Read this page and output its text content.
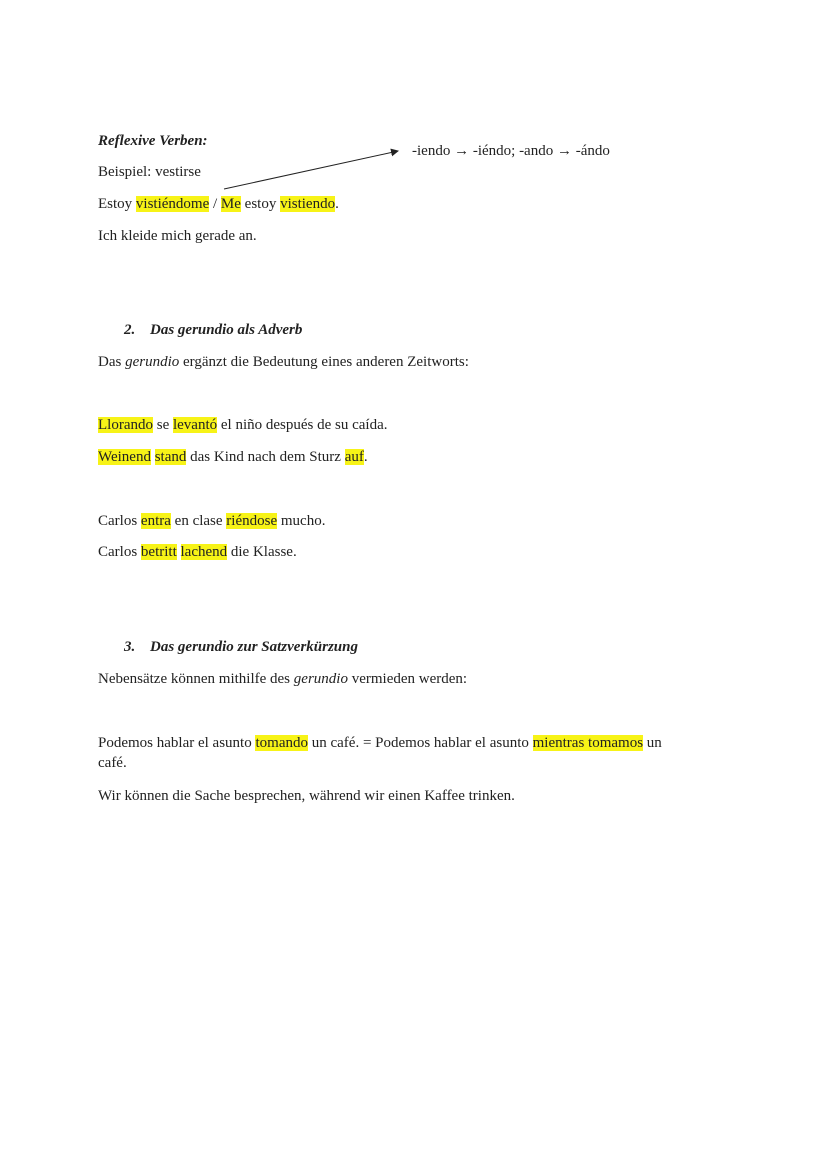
Reflexive Verben:
-iendo → -iéndo; -ando → -ándo
Beispiel: vestirse
Estoy vistiéndome / Me estoy vistiendo.
Ich kleide mich gerade an.
2. Das gerundio als Adverb
Das gerundio ergänzt die Bedeutung eines anderen Zeitworts:
Llorando se levantó el niño después de su caída.
Weinend stand das Kind nach dem Sturz auf.
Carlos entra en clase riéndose mucho.
Carlos betritt lachend die Klasse.
3. Das gerundio zur Satzverkürzung
Nebensätze können mithilfe des gerundio vermieden werden:
Podemos hablar el asunto tomando un café. = Podemos hablar el asunto mientras tomamos un
café.
Wir können die Sache besprechen, während wir einen Kaffee trinken.
